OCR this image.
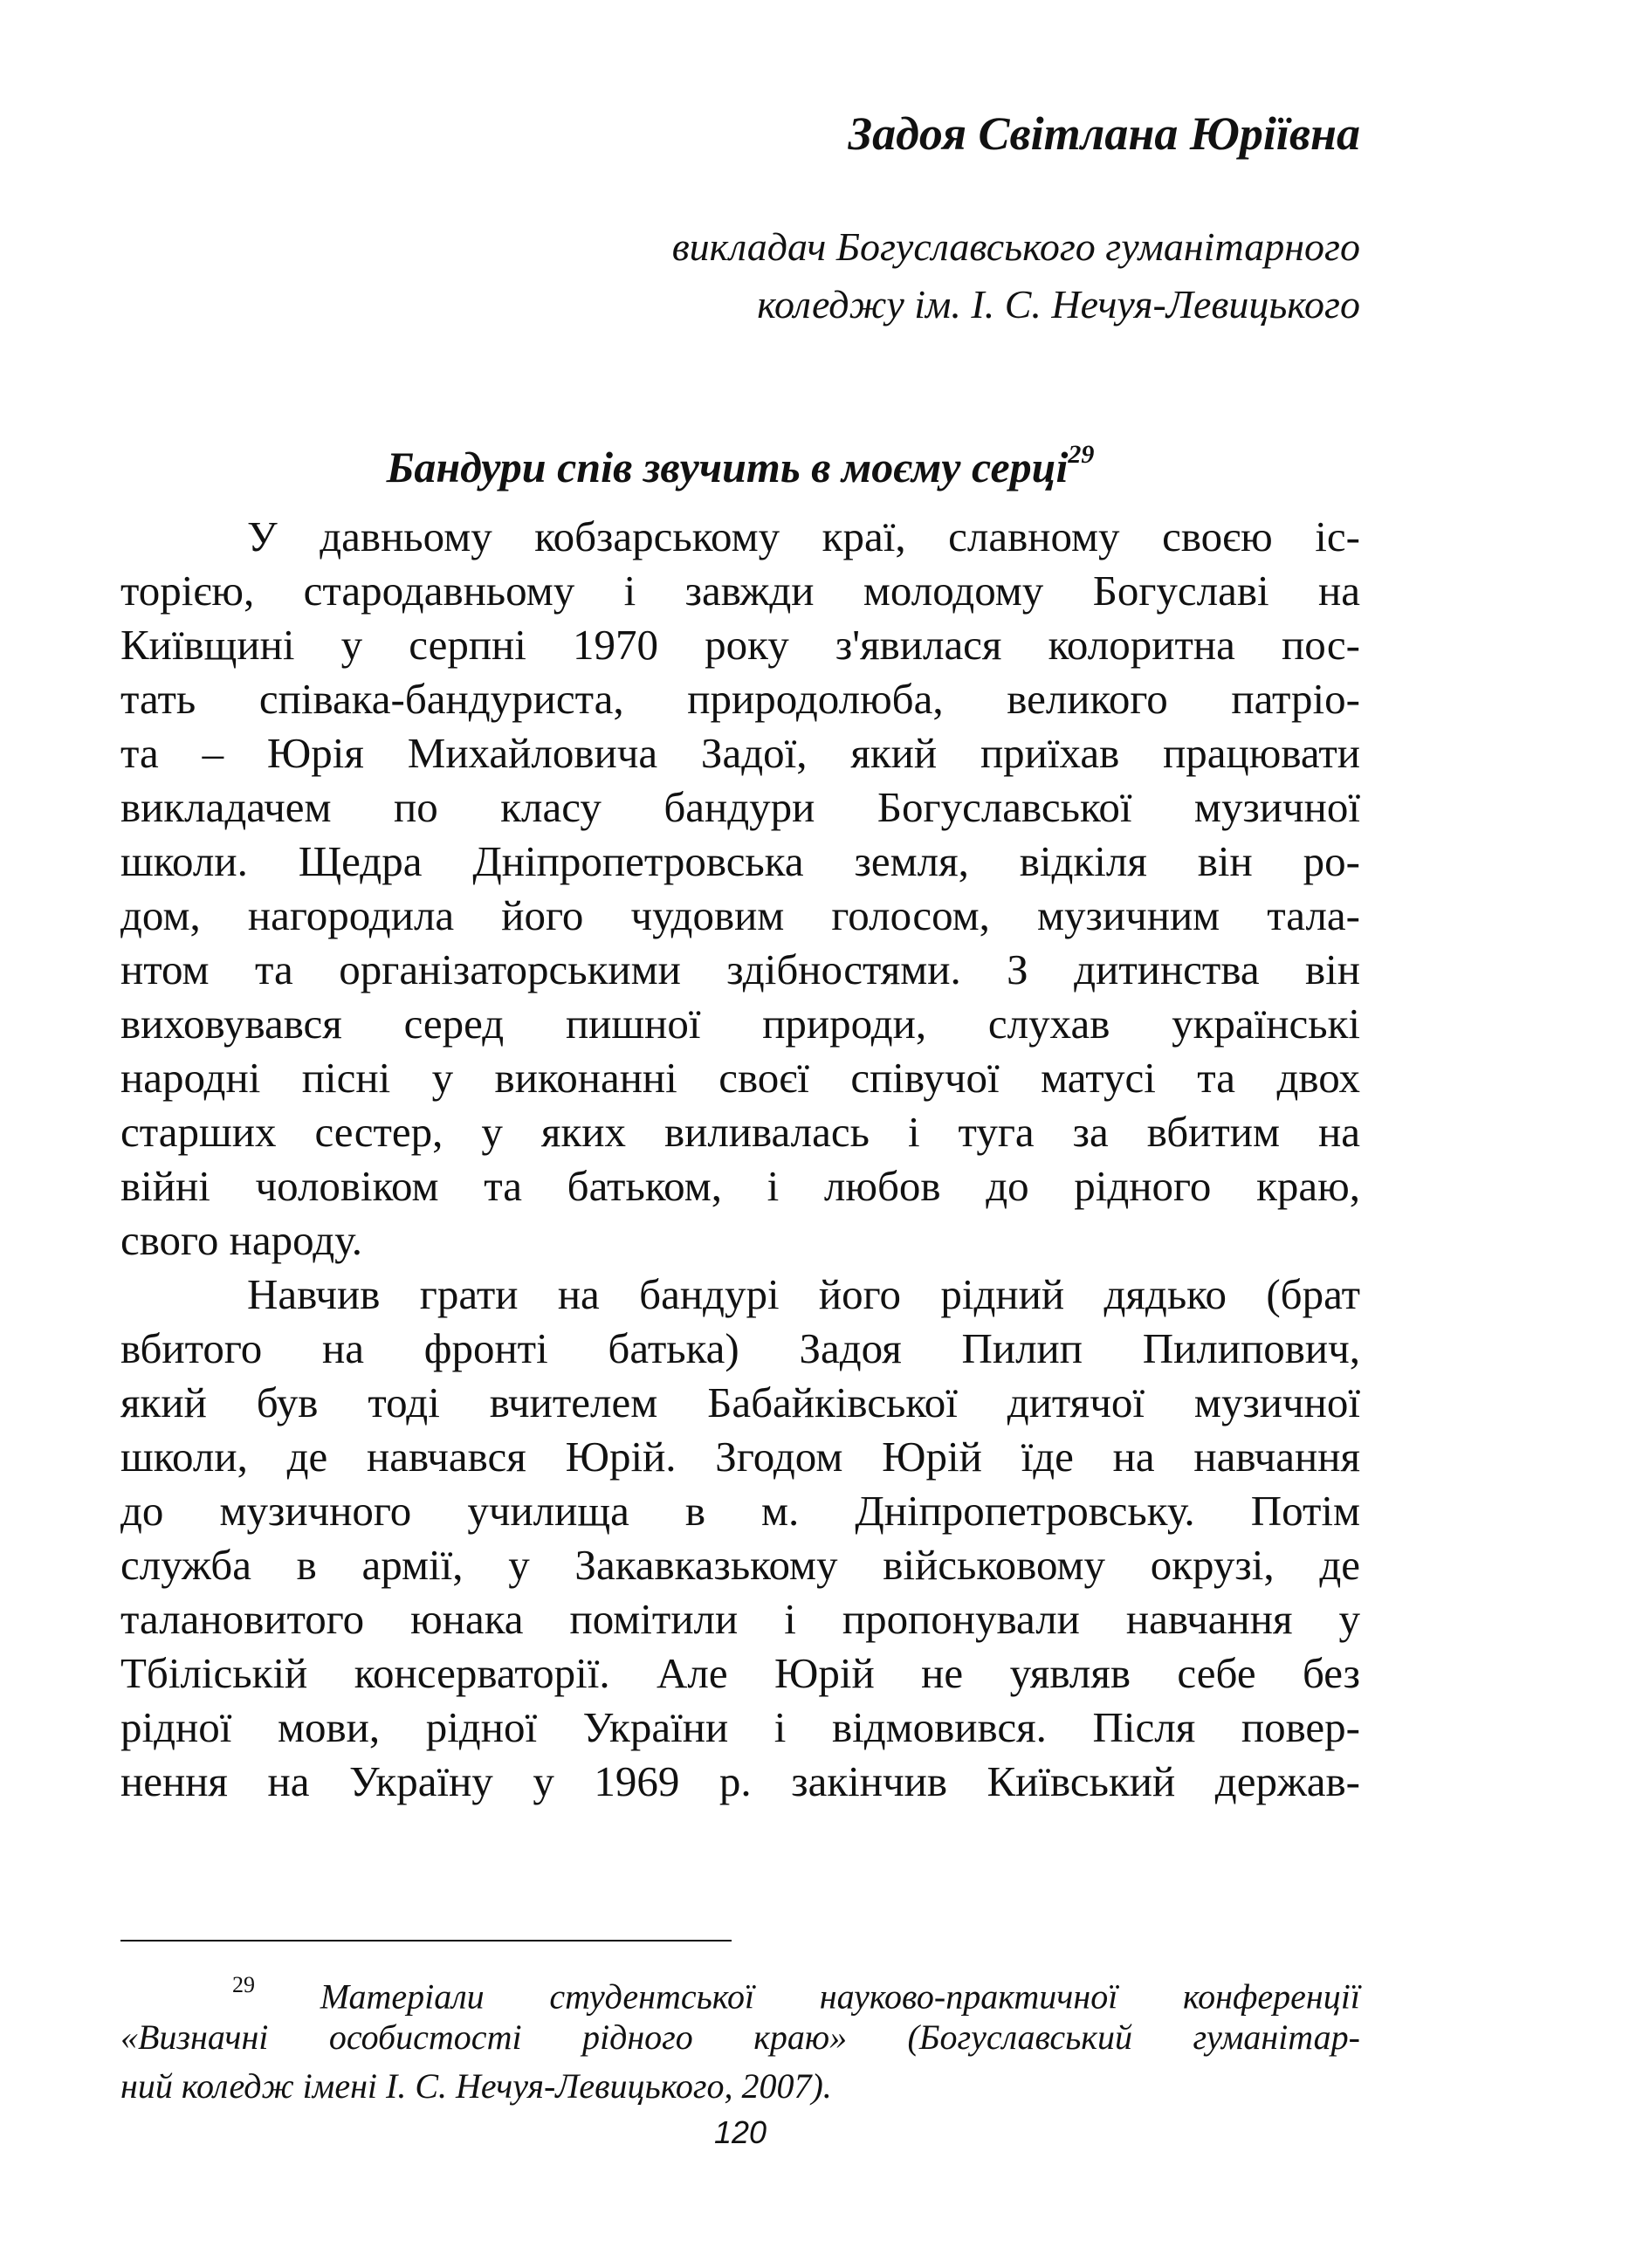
Задоя Світлана Юріївна
викладач Богуславського гуманітарного
коледжу ім. І. С. Нечуя-Левицького
Бандури спів звучить в моєму серці$^{29}$
У давньому кобзарському краї, славному своєю іс-
торією, стародавньому і завжди молодому Богуславі на
Київщині у серпні 1970 року з'явилася колоритна пос-
тать співака-бандуриста, природолюба, великого патріо-
та – Юрія Михайловича Задої, який приїхав працювати
викладачем по класу бандури Богуславської музичної
школи. Щедра Дніпропетровська земля, відкіля він ро-
дом, нагородила його чудовим голосом, музичним тала-
нтом та організаторськими здібностями. З дитинства він
виховувався серед пишної природи, слухав українські
народні пісні у виконанні своєї співучої матусі та двох
старших сестер, у яких виливалась і туга за вбитим на
війні чоловіком та батьком, і любов до рідного краю,
свого народу.
Навчив грати на бандурі його рідний дядько (брат
вбитого на фронті батька) Задоя Пилип Пилипович,
який був тоді вчителем Бабайківської дитячої музичної
школи, де навчався Юрій. Згодом Юрій їде на навчання
до музичного училища в м. Дніпропетровську. Потім
служба в армії, у Закавказькому військовому окрузі, де
талановитого юнака помітили і пропонували навчання у
Тбіліській консерваторії. Але Юрій не уявляв себе без
рідної мови, рідної України і відмовився. Після повер-
нення на Україну у 1969 р. закінчив Київський держав-
$^{29}$ Матеріали студентської науково-практичної конференції
«Визначні особистості рідного краю» (Богуславський гуманітар-
ний коледж імені І. С. Нечуя-Левицького, 2007).
120
